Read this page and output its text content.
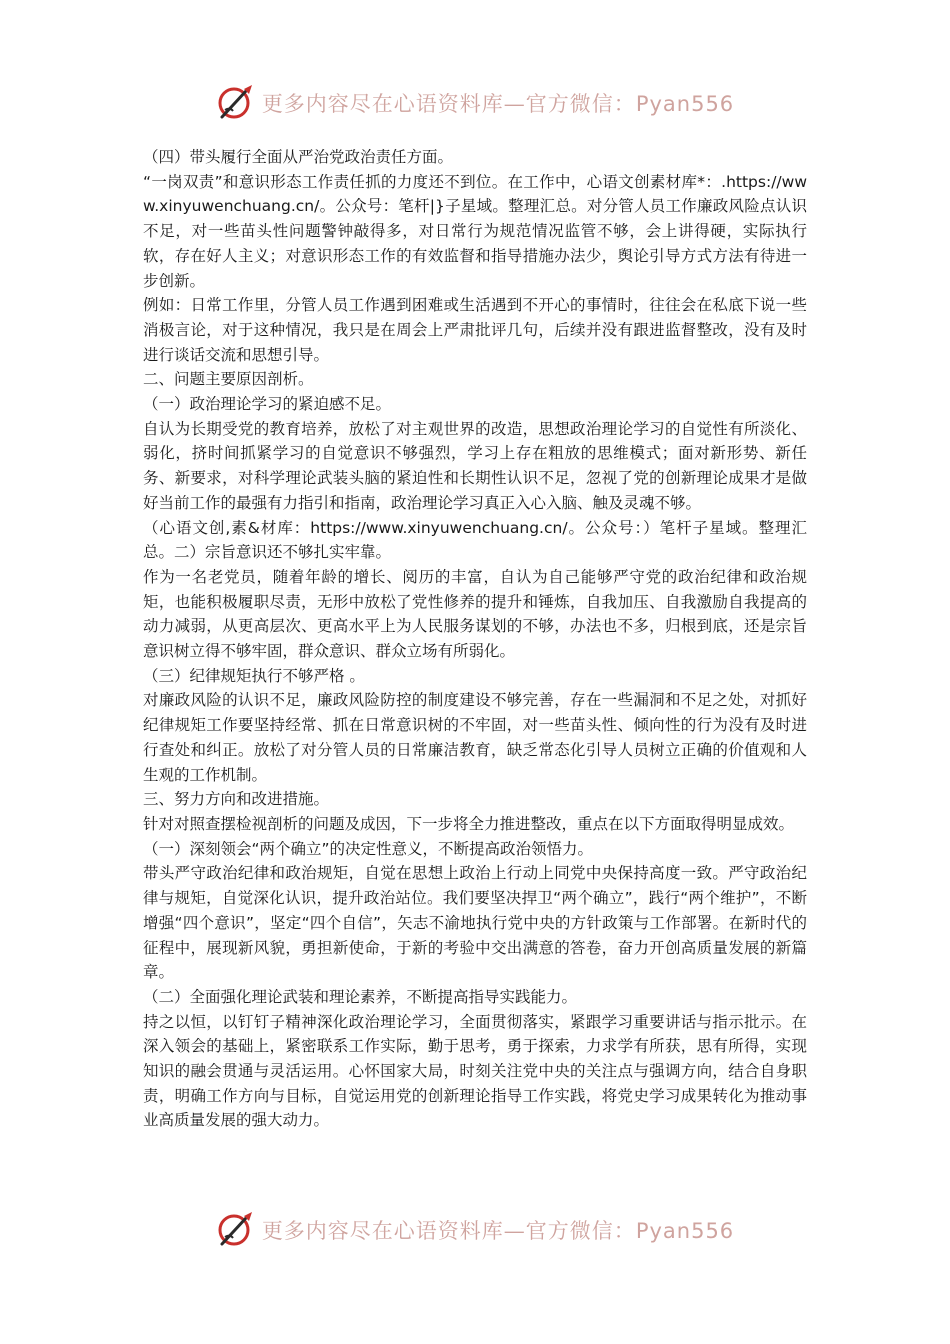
更多内容尽在心语资料库—官方微信：Pyan556

（四）带头履行全面从严治党政治责任方面。

“一岗双责”和意识形态工作责任抓的力度还不到位。在工作中，心语文创素材库*：.https://www.xinyuwenchuang.cn/。公众号：笔杆|}子星域。整理汇总。对分管人员工作廉政风险点认识不足，对一些苗头性问题警钟敲得多，对日常行为规范情况监管不够，会上讲得硬，实际执行软，存在好人主义；对意识形态工作的有效监督和指导措施办法少，舆论引导方式方法有待进一步创新。

例如：日常工作里，分管人员工作遇到困难或生活遇到不开心的事情时，往往会在私底下说一些消极言论，对于这种情况，我只是在周会上严肃批评几句，后续并没有跟进监督整改，没有及时进行谈话交流和思想引导。

二、问题主要原因剖析。

（一）政治理论学习的紧迫感不足。

自认为长期受党的教育培养，放松了对主观世界的改造，思想政治理论学习的自觉性有所淡化、弱化，挤时间抓紧学习的自觉意识不够强烈，学习上存在粗放的思维模式；面对新形势、新任务、新要求，对科学理论武装头脑的紧迫性和长期性认识不足，忽视了党的创新理论成果才是做好当前工作的最强有力指引和指南，政治理论学习真正入心入脑、触及灵魂不够。

（心语文创,素&材库：https://www.xinyuwenchuang.cn/。公众号：）笔杆子星域。整理汇总。二）宗旨意识还不够扎实牢靠。

作为一名老党员，随着年龄的增长、阅历的丰富，自认为自己能够严守党的政治纪律和政治规矩，也能积极履职尽责，无形中放松了党性修养的提升和锤炼，自我加压、自我激励自我提高的动力减弱，从更高层次、更高水平上为人民服务谋划的不够，办法也不多，归根到底，还是宗旨意识树立得不够牢固，群众意识、群众立场有所弱化。

（三）纪律规矩执行不够严格 。

对廉政风险的认识不足，廉政风险防控的制度建设不够完善，存在一些漏洞和不足之处，对抓好纪律规矩工作要坚持经常、抓在日常意识树的不牢固，对一些苗头性、倾向性的行为没有及时进行查处和纠正。放松了对分管人员的日常廉洁教育，缺乏常态化引导人员树立正确的价值观和人生观的工作机制。

三、努力方向和改进措施。

针对对照查摆检视剖析的问题及成因，下一步将全力推进整改，重点在以下方面取得明显成效。

（一）深刻领会“两个确立”的决定性意义，不断提高政治领悟力。

带头严守政治纪律和政治规矩，自觉在思想上政治上行动上同党中央保持高度一致。严守政治纪律与规矩，自觉深化认识，提升政治站位。我们要坚决捍卫“两个确立”，践行“两个维护”，不断增强“四个意识”，坚定“四个自信”，矢志不渝地执行党中央的方针政策与工作部署。在新时代的征程中，展现新风貌，勇担新使命，于新的考验中交出满意的答卷，奋力开创高质量发展的新篇章。

（二）全面强化理论武装和理论素养，不断提高指导实践能力。

持之以恒，以钉钉子精神深化政治理论学习，全面贯彻落实，紧跟学习重要讲话与指示批示。在深入领会的基础上，紧密联系工作实际，勤于思考，勇于探索，力求学有所获，思有所得，实现知识的融会贯通与灵活运用。心怀国家大局，时刻关注党中央的关注点与强调方向，结合自身职责，明确工作方向与目标，自觉运用党的创新理论指导工作实践，将党史学习成果转化为推动事业高质量发展的强大动力。

更多内容尽在心语资料库—官方微信：Pyan556
